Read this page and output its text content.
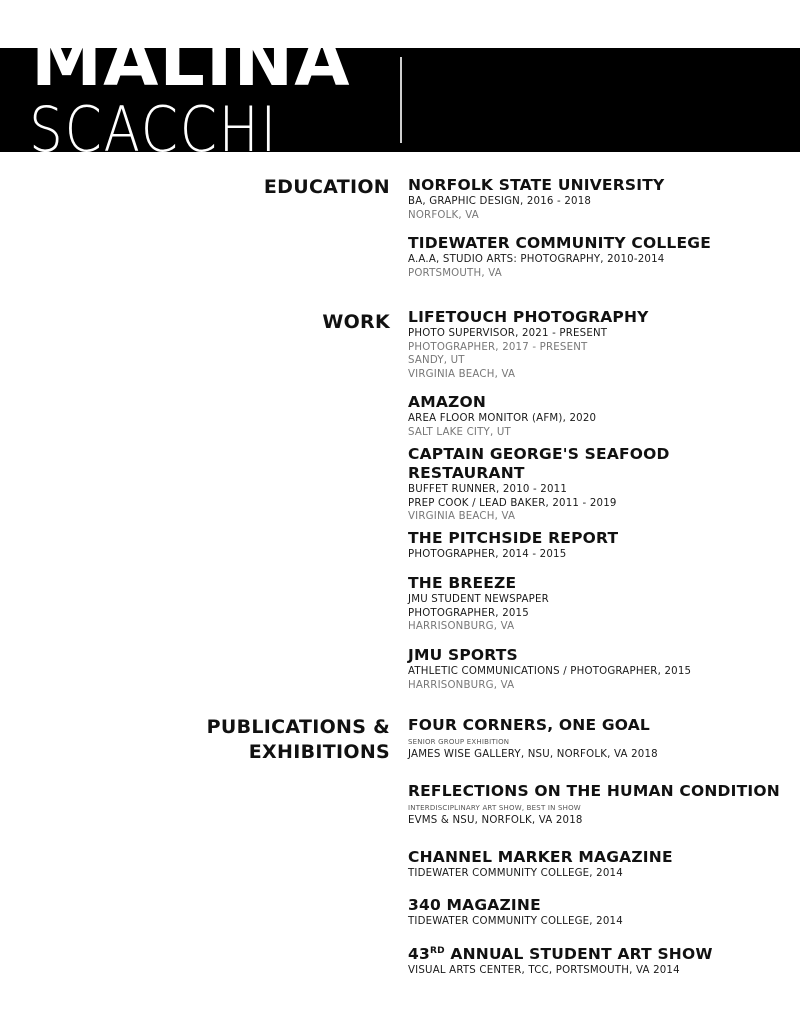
MALINA
SCACCHI
EDUCATION NORFOLK STATE UNIVERSITY
BA, GRAPHIC DESIGN, 2016 - 2018
NORFOLK, VA
TIDEWATER COMMUNITY COLLEGE
A.A.A, STUDIO ARTS: PHOTOGRAPHY, 2010-2014
PORTSMOUTH, VA
WORK LIFETOUCH PHOTOGRAPHY
PHOTO SUPERVISOR, 2021 - PRESENT
PHOTOGRAPHER, 2017 - PRESENT
SANDY, UT
VIRGINIA BEACH, VA
AMAZON
AREA FLOOR MONITOR (AFM), 2020
SALT LAKE CITY, UT
CAPTAIN GEORGE'S SEAFOOD
RESTAURANT
BUFFET RUNNER, 2010 - 2011
PREP COOK / LEAD BAKER, 2011 - 2019
VIRGINIA BEACH, VA
THE PITCHSIDE REPORT
PHOTOGRAPHER, 2014 - 2015
THE BREEZE
JMU STUDENT NEWSPAPER
PHOTOGRAPHER, 2015
HARRISONBURG, VA
JMU SPORTS
ATHLETIC COMMUNICATIONS / PHOTOGRAPHER, 2015
HARRISONBURG, VA
PUBLICATIONS &
EXHIBITIONS
FOUR CORNERS, ONE GOAL
SENIOR GROUP EXHIBITION
JAMES WISE GALLERY, NSU, NORFOLK, VA 2018
REFLECTIONS ON THE HUMAN CONDITION
INTERDISCIPLINARY ART SHOW, BEST IN SHOW
EVMS & NSU, NORFOLK, VA 2018
CHANNEL MARKER MAGAZINE
TIDEWATER COMMUNITY COLLEGE, 2014
340 MAGAZINE
TIDEWATER COMMUNITY COLLEGE, 2014
43RD ANNUAL STUDENT ART SHOW
VISUAL ARTS CENTER, TCC, PORTSMOUTH, VA 2014
